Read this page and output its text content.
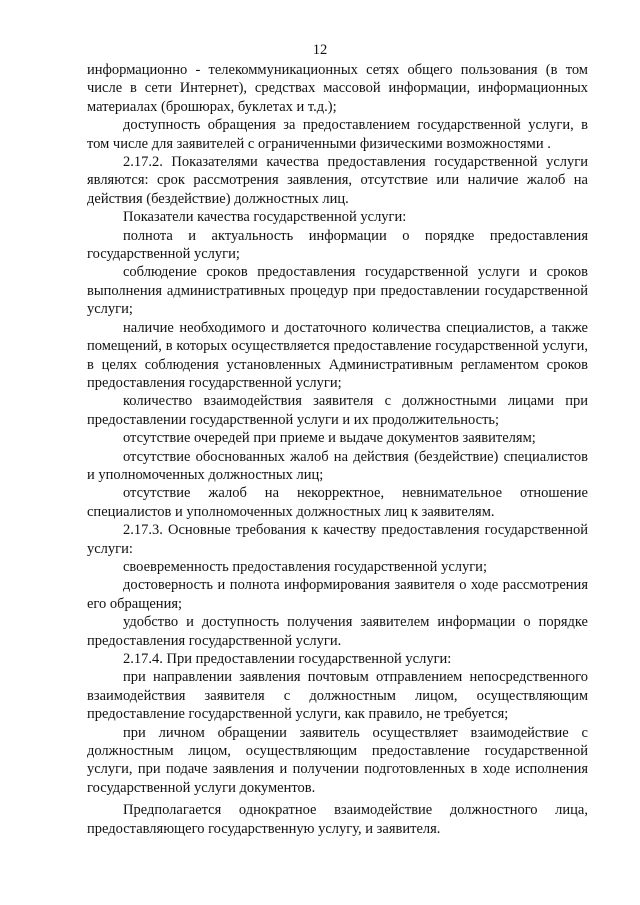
12

информационно - телекоммуникационных сетях общего пользования (в том числе в сети Интернет), средствах массовой информации, информационных материалах (брошюрах, буклетах и т.д.);

доступность обращения за предоставлением государственной услуги, в том числе для заявителей с ограниченными физическими возможностями .

2.17.2. Показателями качества предоставления государственной услуги являются: срок рассмотрения заявления, отсутствие или наличие жалоб на действия (бездействие) должностных лиц.

Показатели качества государственной услуги:

полнота и актуальность информации о порядке предоставления государственной услуги;

соблюдение сроков предоставления государственной услуги и сроков выполнения административных процедур при предоставлении государственной услуги;

наличие необходимого и достаточного количества специалистов, а также помещений, в которых осуществляется предоставление государственной услуги, в целях соблюдения установленных Административным регламентом сроков предоставления государственной услуги;

количество взаимодействия заявителя с должностными лицами при предоставлении государственной услуги и их продолжительность;

отсутствие очередей при приеме и выдаче документов заявителям;

отсутствие обоснованных жалоб на действия (бездействие) специалистов и уполномоченных должностных лиц;

отсутствие жалоб на некорректное, невнимательное отношение специалистов и уполномоченных должностных лиц к заявителям.

2.17.3. Основные требования к качеству предоставления государственной услуги:

своевременность предоставления государственной услуги;

достоверность и полнота информирования заявителя о ходе рассмотрения его обращения;

удобство и доступность получения заявителем информации о порядке предоставления государственной услуги.

2.17.4. При предоставлении государственной услуги:

при направлении заявления почтовым отправлением непосредственного взаимодействия заявителя с должностным лицом, осуществляющим предоставление государственной услуги, как правило, не требуется;

при личном обращении заявитель осуществляет взаимодействие с должностным лицом, осуществляющим предоставление государственной услуги, при подаче заявления и получении подготовленных в ходе исполнения государственной услуги документов.

Предполагается однократное взаимодействие должностного лица, предоставляющего государственную услугу, и заявителя.
